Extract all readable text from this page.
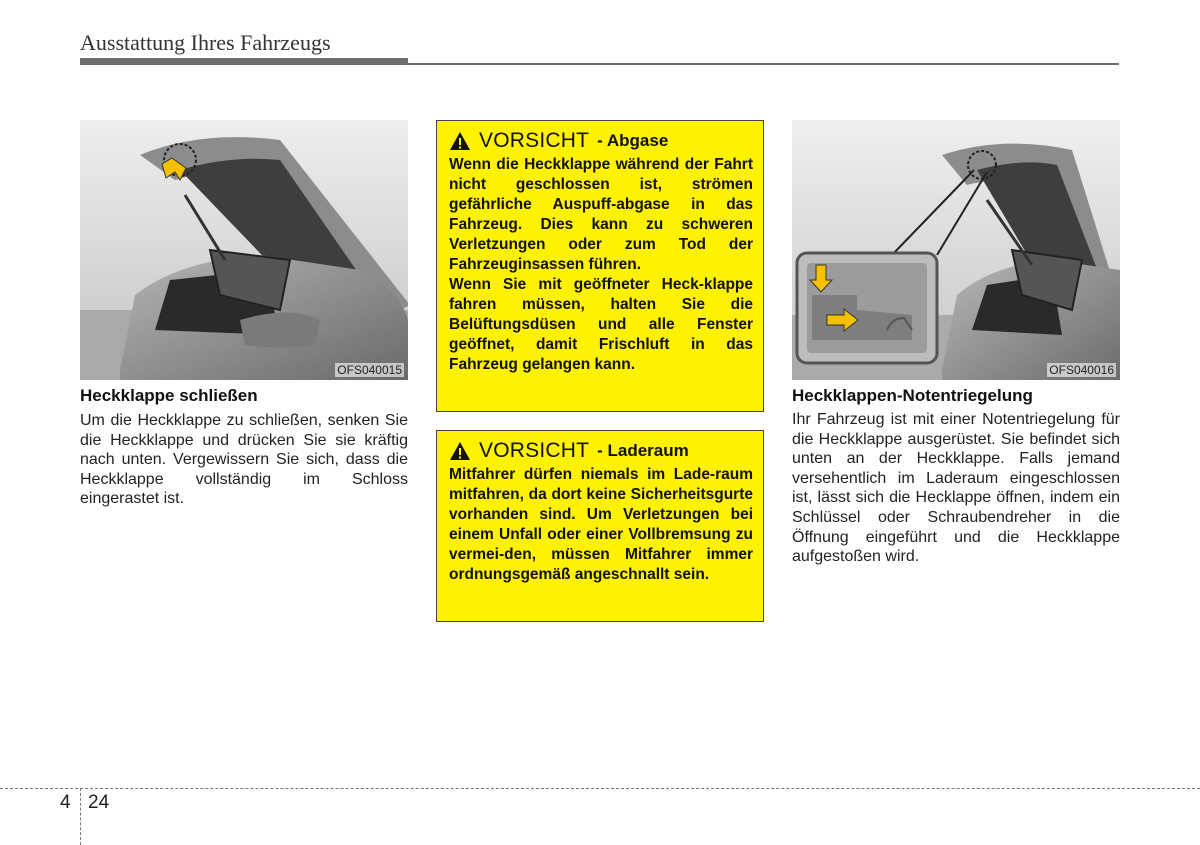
Ausstattung Ihres Fahrzeugs
OFS040015
Heckklappe schließen

Um die Heckklappe zu schließen, senken Sie die Heckklappe und drücken Sie sie kräftig nach unten. Vergewissern Sie sich, dass die Heckklappe vollständig im Schloss eingerastet ist.

VORSICHT - Abgase

Wenn die Heckklappe während der Fahrt nicht geschlossen ist, strömen gefährliche Auspuff-abgase in das Fahrzeug. Dies kann zu schweren Verletzungen oder zum Tod der Fahrzeuginsassen führen.

Wenn Sie mit geöffneter Heck-klappe fahren müssen, halten Sie die Belüftungsdüsen und alle Fenster geöffnet, damit Frischluft in das Fahrzeug gelangen kann.

VORSICHT - Laderaum

Mitfahrer dürfen niemals im Lade-raum mitfahren, da dort keine Sicherheitsgurte vorhanden sind. Um Verletzungen bei einem Unfall oder einer Vollbremsung zu vermei-den, müssen Mitfahrer immer ordnungsgemäß angeschnallt sein.

OFS040016
Heckklappen-Notentriegelung

Ihr Fahrzeug ist mit einer Notentriegelung für die Heckklappe ausgerüstet. Sie befindet sich unten an der Heckklappe. Falls jemand versehentlich im Laderaum eingeschlossen ist, lässt sich die Hecklappe öffnen, indem ein Schlüssel oder Schraubendreher in die Öffnung eingeführt und die Heckklappe aufgestoßen wird.

4 24
